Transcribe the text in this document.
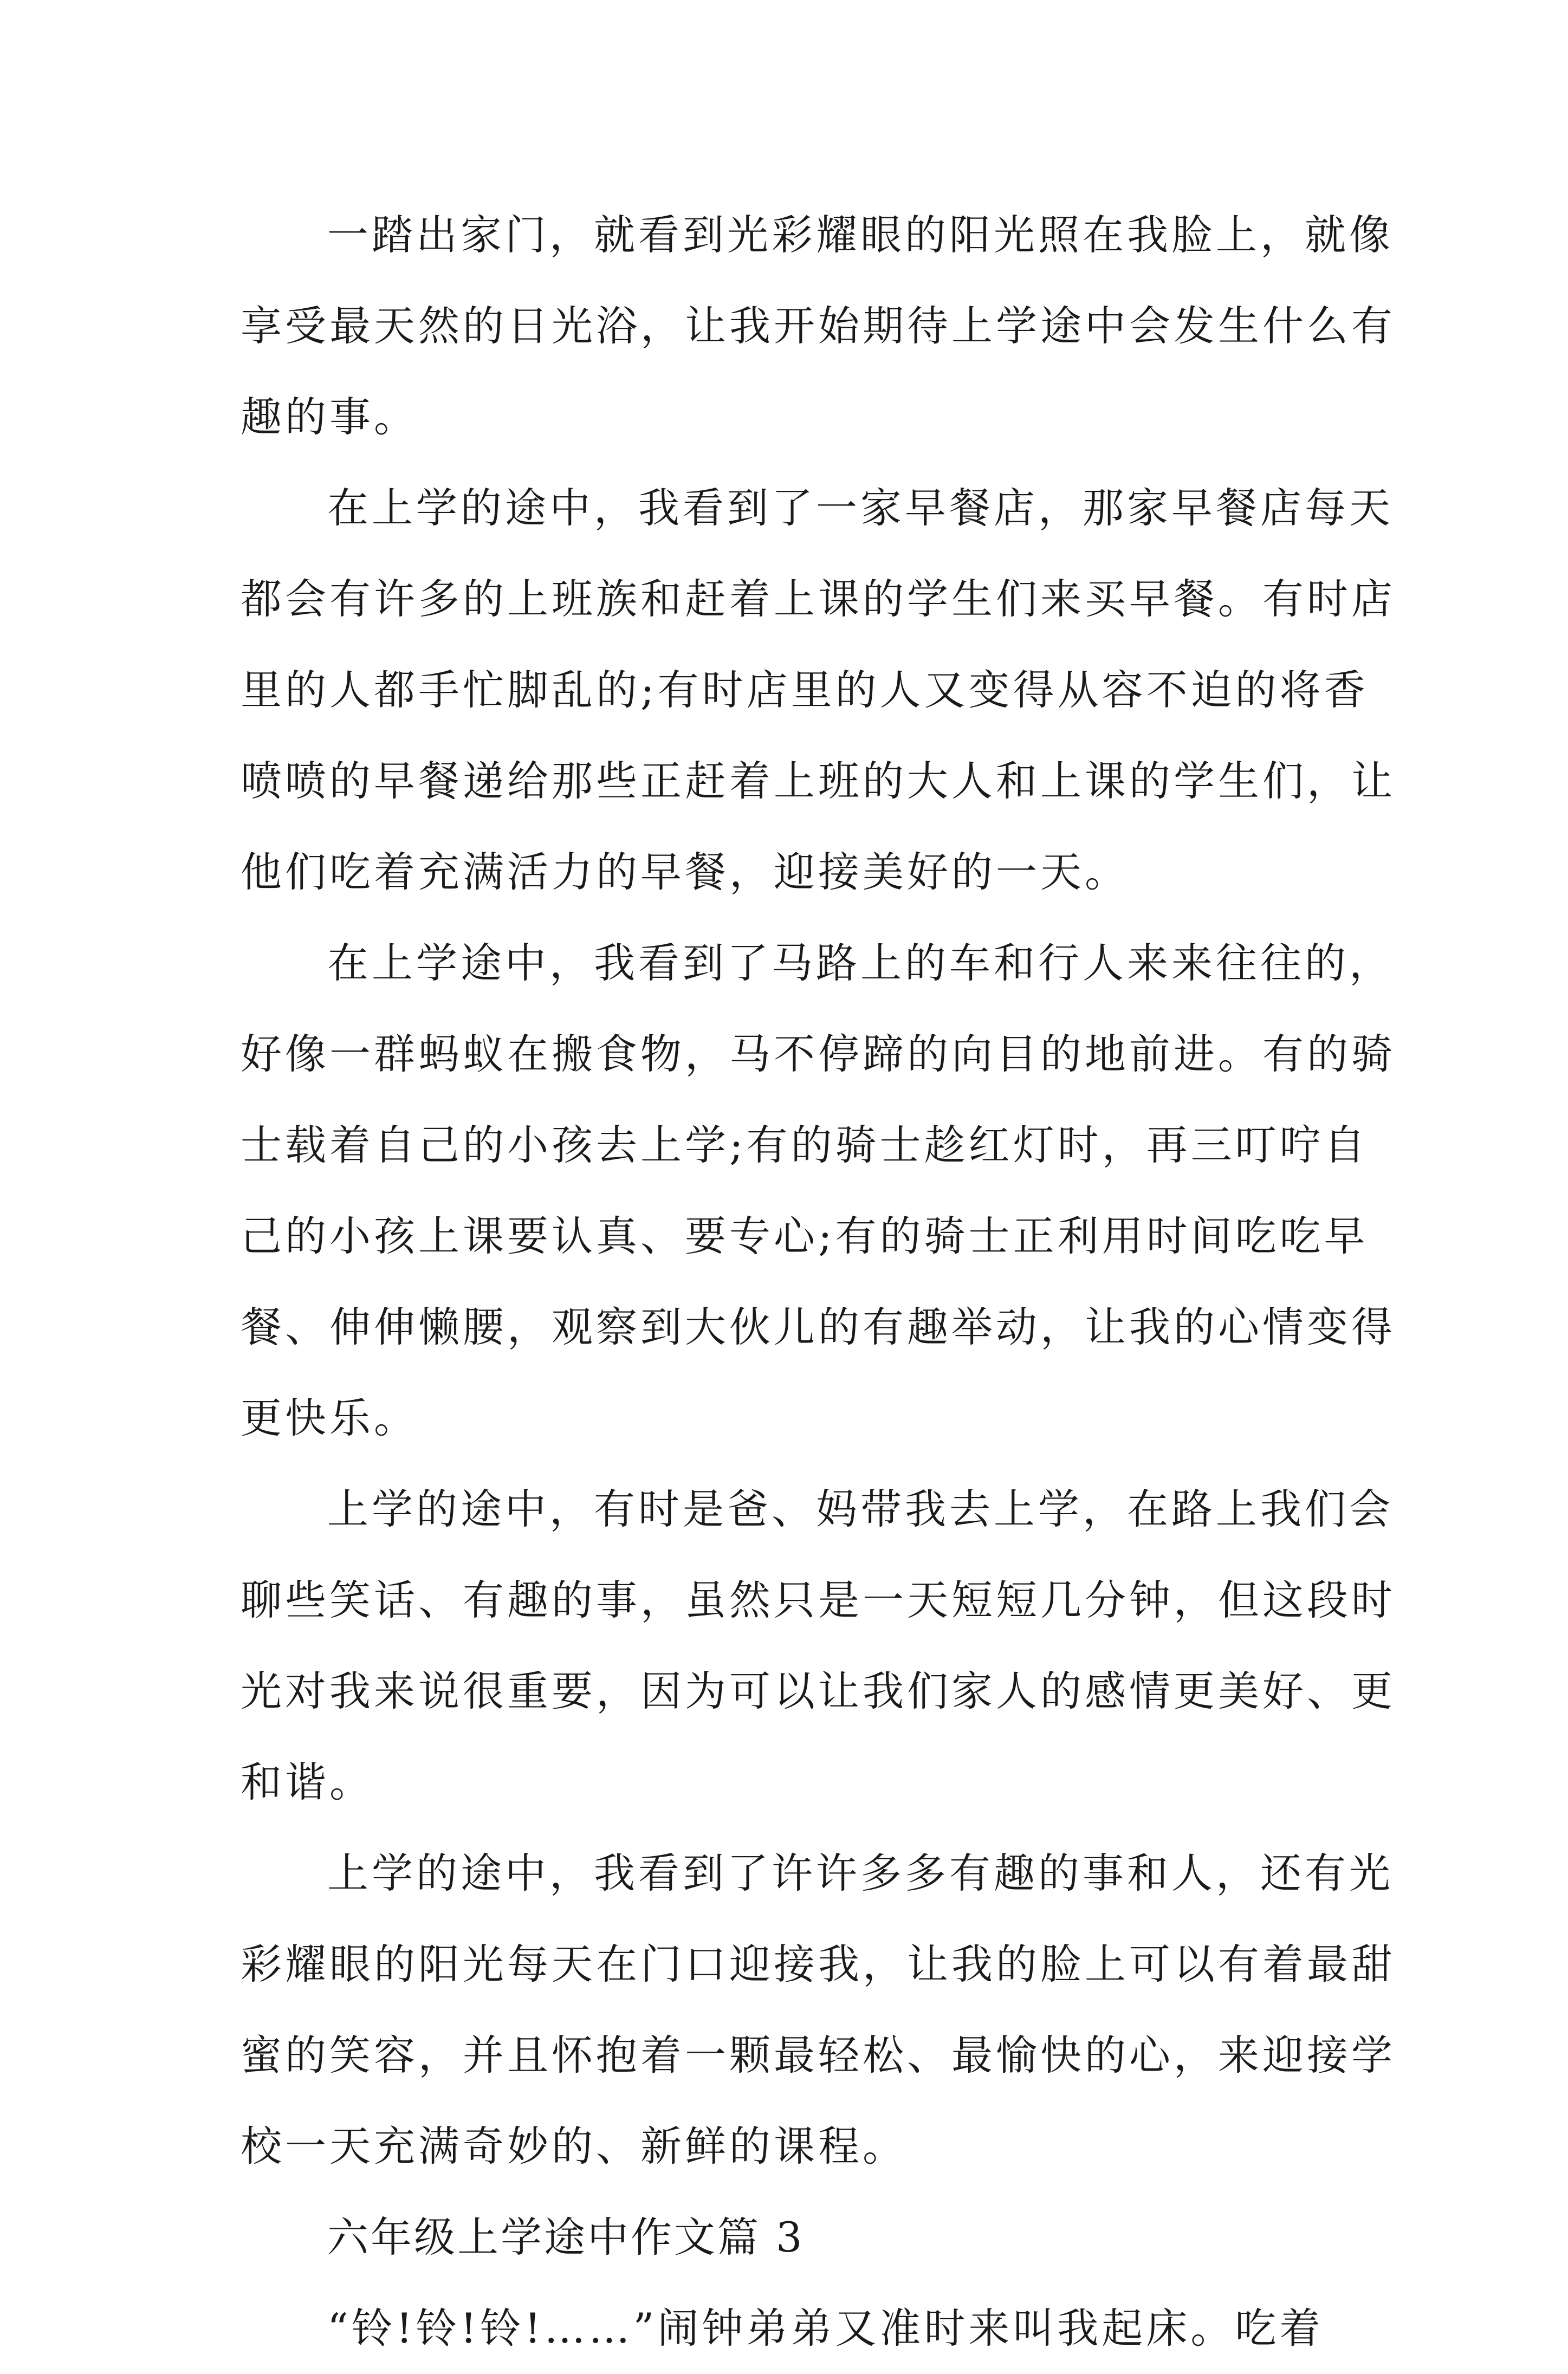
一踏出家门，就看到光彩耀眼的阳光照在我脸上，就像
享受最天然的日光浴，让我开始期待上学途中会发生什么有
趣的事。
在上学的途中，我看到了一家早餐店，那家早餐店每天
都会有许多的上班族和赶着上课的学生们来买早餐。有时店
里的人都手忙脚乱的;有时店里的人又变得从容不迫的将香
喷喷的早餐递给那些正赶着上班的大人和上课的学生们，让
他们吃着充满活力的早餐，迎接美好的一天。
在上学途中，我看到了马路上的车和行人来来往往的，
好像一群蚂蚁在搬食物，马不停蹄的向目的地前进。有的骑
士载着自己的小孩去上学;有的骑士趁红灯时，再三叮咛自
己的小孩上课要认真、要专心;有的骑士正利用时间吃吃早
餐、伸伸懒腰，观察到大伙儿的有趣举动，让我的心情变得
更快乐。
上学的途中，有时是爸、妈带我去上学，在路上我们会
聊些笑话、有趣的事，虽然只是一天短短几分钟，但这段时
光对我来说很重要，因为可以让我们家人的感情更美好、更
和谐。
上学的途中，我看到了许许多多有趣的事和人，还有光
彩耀眼的阳光每天在门口迎接我，让我的脸上可以有着最甜
蜜的笑容，并且怀抱着一颗最轻松、最愉快的心，来迎接学
校一天充满奇妙的、新鲜的课程。
六年级上学途中作文篇 3
“铃!铃!铃!……”闹钟弟弟又准时来叫我起床。吃着
